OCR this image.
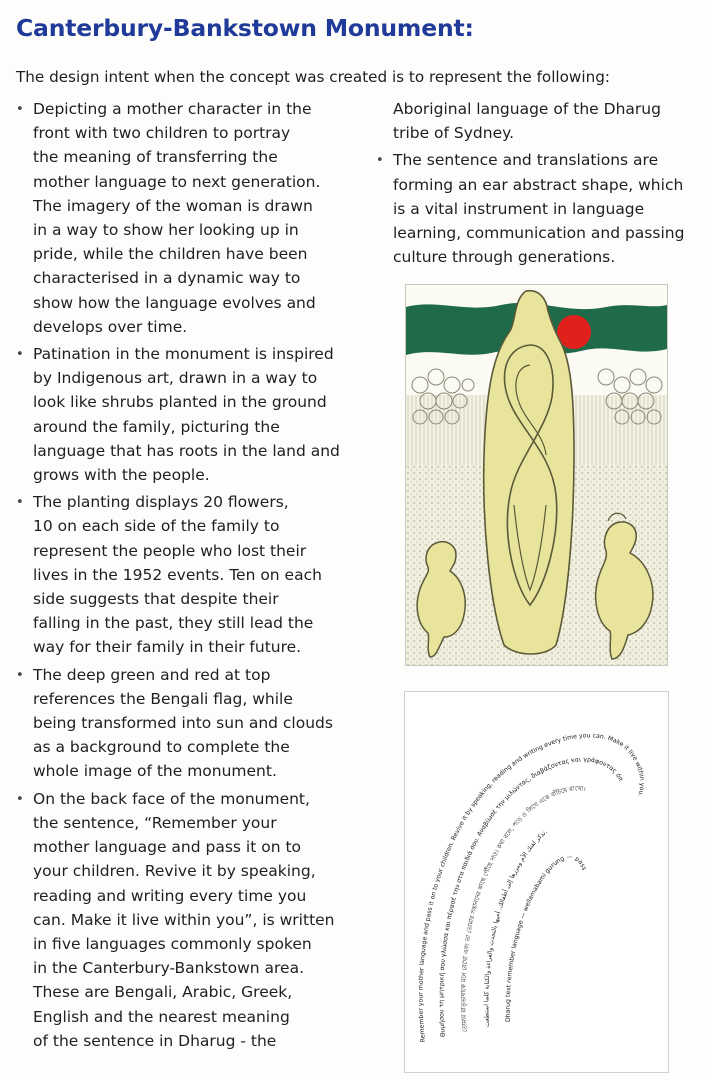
Canterbury-Bankstown Monument:
The design intent when the concept was created is to represent the following:
• Depicting a mother character in the
front with two children to portray
the meaning of transferring the
mother language to next generation.
The imagery of the woman is drawn
in a way to show her looking up in
pride, while the children have been
characterised in a dynamic way to
show how the language evolves and
develops over time.
• Patination in the monument is inspired
by Indigenous art, drawn in a way to
look like shrubs planted in the ground
around the family, picturing the
language that has roots in the land and
grows with the people.
• The planting displays 20 flowers,
10 on each side of the family to
represent the people who lost their
lives in the 1952 events. Ten on each
side suggests that despite their
falling in the past, they still lead the
way for their family in their future.
• The deep green and red at top
references the Bengali flag, while
being transformed into sun and clouds
as a background to complete the
whole image of the monument.
• On the back face of the monument,
the sentence, “Remember your
mother language and pass it on to
your children. Revive it by speaking,
reading and writing every time you
can. Make it live within you”, is written
in five languages commonly spoken
in the Canterbury-Bankstown area.
These are Bengali, Arabic, Greek,
English and the nearest meaning
of the sentence in Dharug - the
Aboriginal language of the Dharug
tribe of Sydney.
• The sentence and translations are
forming an ear abstract shape, which
is a vital instrument in language
learning, communication and passing
culture through generations.
Remember your mother language and pass it on to your children. Revive it by speaking, reading and writing every time you can. Make it live within you.
Θυμήσου τη μητρική σου γλώσσα και πέρασέ την στα παιδιά σου. Αναβίωσέ την μιλώντας, διαβάζοντας και γράφοντας όπ
তোমার মাতৃভাষাকে মনে রেখো এবং তা তোমার সন্তানদের কাছে পৌঁছে দাও। কথা বলে, পড়ে ও লিখে একে বাঁচিয়ে রাখো।
تذكر لغتك الأم ومررها إلى أطفالك. أحيها بالتحدث والقراءة والكتابة كلما استطعت.
Dharug text remember language — wellamabami gurung — pass
